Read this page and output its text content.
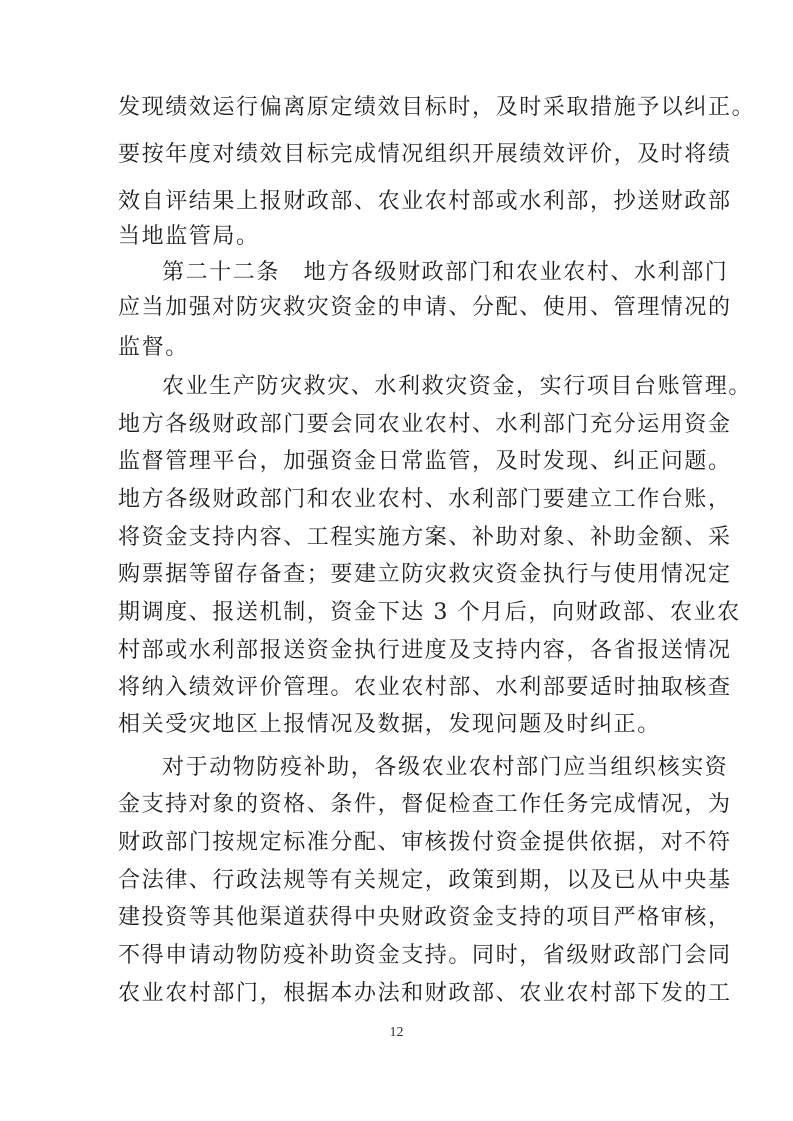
发现绩效运行偏离原定绩效目标时，及时采取措施予以纠正。
要按年度对绩效目标完成情况组织开展绩效评价，及时将绩
效自评结果上报财政部、农业农村部或水利部，抄送财政部
当地监管局。
第二十二条　地方各级财政部门和农业农村、水利部门
应当加强对防灾救灾资金的申请、分配、使用、管理情况的
监督。
农业生产防灾救灾、水利救灾资金，实行项目台账管理。
地方各级财政部门要会同农业农村、水利部门充分运用资金
监督管理平台，加强资金日常监管，及时发现、纠正问题。
地方各级财政部门和农业农村、水利部门要建立工作台账，
将资金支持内容、工程实施方案、补助对象、补助金额、采
购票据等留存备查；要建立防灾救灾资金执行与使用情况定
期调度、报送机制，资金下达 3 个月后，向财政部、农业农
村部或水利部报送资金执行进度及支持内容，各省报送情况
将纳入绩效评价管理。农业农村部、水利部要适时抽取核查
相关受灾地区上报情况及数据，发现问题及时纠正。
对于动物防疫补助，各级农业农村部门应当组织核实资
金支持对象的资格、条件，督促检查工作任务完成情况，为
财政部门按规定标准分配、审核拨付资金提供依据，对不符
合法律、行政法规等有关规定，政策到期，以及已从中央基
建投资等其他渠道获得中央财政资金支持的项目严格审核，
不得申请动物防疫补助资金支持。同时，省级财政部门会同
农业农村部门，根据本办法和财政部、农业农村部下发的工
12
